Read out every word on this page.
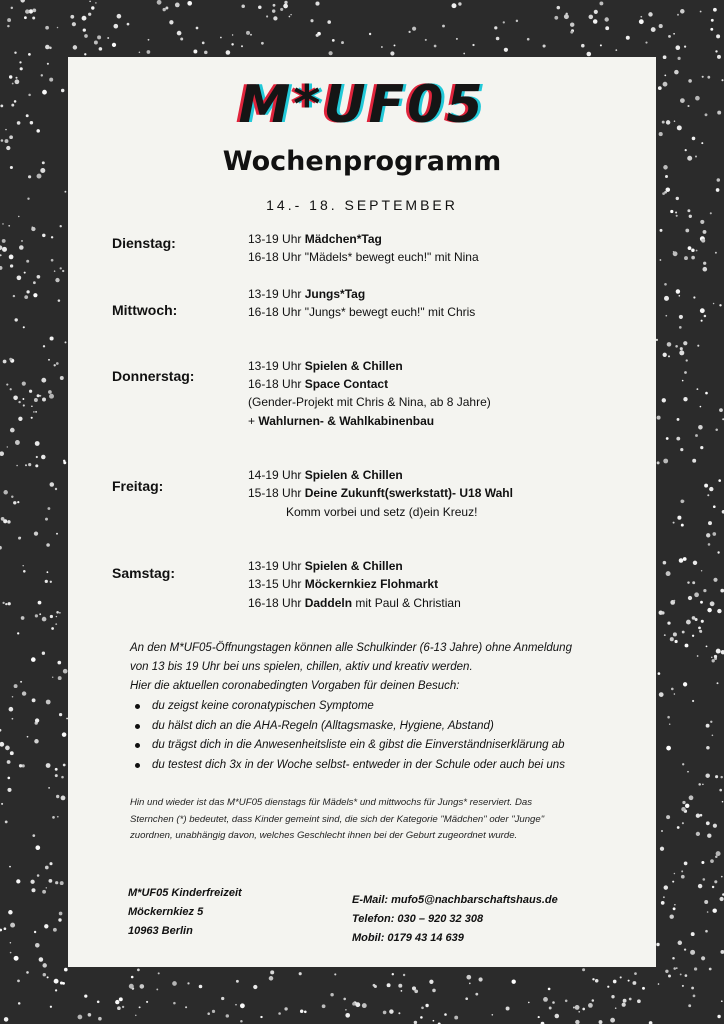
M*UF05
Wochenprogramm
14.- 18. SEPTEMBER
Dienstag:	13-19 Uhr Mädchen*Tag
16-18 Uhr "Mädels* bewegt euch!" mit Nina
Mittwoch:
13-19 Uhr Jungs*Tag
16-18 Uhr "Jungs* bewegt euch!" mit Chris
Donnerstag:
13-19 Uhr Spielen & Chillen
16-18 Uhr Space Contact
(Gender-Projekt mit Chris & Nina, ab 8 Jahre)
+ Wahlurnen- & Wahlkabinenbau
Freitag:
14-19 Uhr Spielen & Chillen
15-18 Uhr Deine Zukunft(swerkstatt)- U18 Wahl
Komm vorbei und setz (d)ein Kreuz!
Samstag:	13-19 Uhr Spielen & Chillen
13-15 Uhr Möckernkiez Flohmarkt
16-18 Uhr Daddeln mit Paul & Christian
An den M*UF05-Öffnungstagen können alle Schulkinder (6-13 Jahre) ohne Anmeldung
von 13 bis 19 Uhr bei uns spielen, chillen, aktiv und kreativ werden.
Hier die aktuellen coronabedingten Vorgaben für deinen Besuch:
du zeigst keine coronatypischen Symptome
du hälst dich an die AHA-Regeln (Alltagsmaske, Hygiene, Abstand)
du trägst dich in die Anwesenheitsliste ein & gibst die Einverständniserklärung ab
du testest dich 3x in der Woche selbst- entweder in der Schule oder auch bei uns
Hin und wieder ist das M*UF05 dienstags für Mädels* und mittwochs für Jungs* reserviert. Das
Sternchen (*) bedeutet, dass Kinder gemeint sind, die sich der Kategorie "Mädchen" oder "Junge"
zuordnen, unabhängig davon, welches Geschlecht ihnen bei der Geburt zugeordnet wurde.
M*UF05 Kinderfreizeit
Möckernkiez 5
10963 Berlin
E-Mail: mufo5@nachbarschaftshaus.de
Telefon: 030 – 920 32 308
Mobil: 0179 43 14 639
